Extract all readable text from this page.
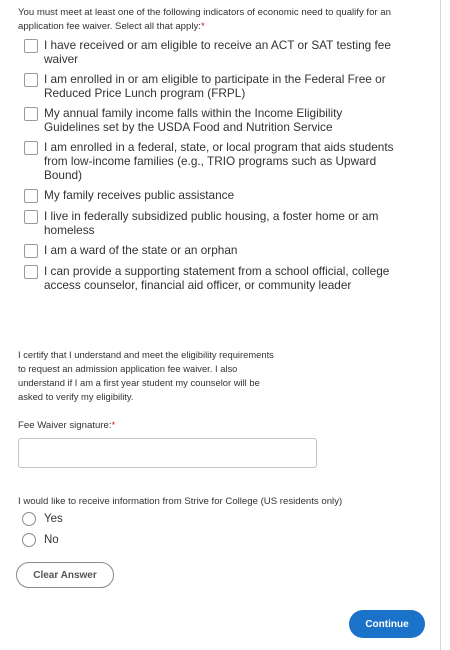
You must meet at least one of the following indicators of economic need to qualify for an application fee waiver. Select all that apply:*

I have received or am eligible to receive an ACT or SAT testing fee waiver
I am enrolled in or am eligible to participate in the Federal Free or Reduced Price Lunch program (FRPL)
My annual family income falls within the Income Eligibility Guidelines set by the USDA Food and Nutrition Service
I am enrolled in a federal, state, or local program that aids students from low-income families (e.g., TRIO programs such as Upward Bound)
My family receives public assistance
I live in federally subsidized public housing, a foster home or am homeless
I am a ward of the state or an orphan
I can provide a supporting statement from a school official, college access counselor, financial aid officer, or community leader
I certify that I understand and meet the eligibility requirements
to request an admission application fee waiver. I also
understand if I am a first year student my counselor will be
asked to verify my eligibility.
Fee Waiver signature:*
I would like to receive information from Strive for College (US residents only)
Yes
No
Clear Answer
Continue
